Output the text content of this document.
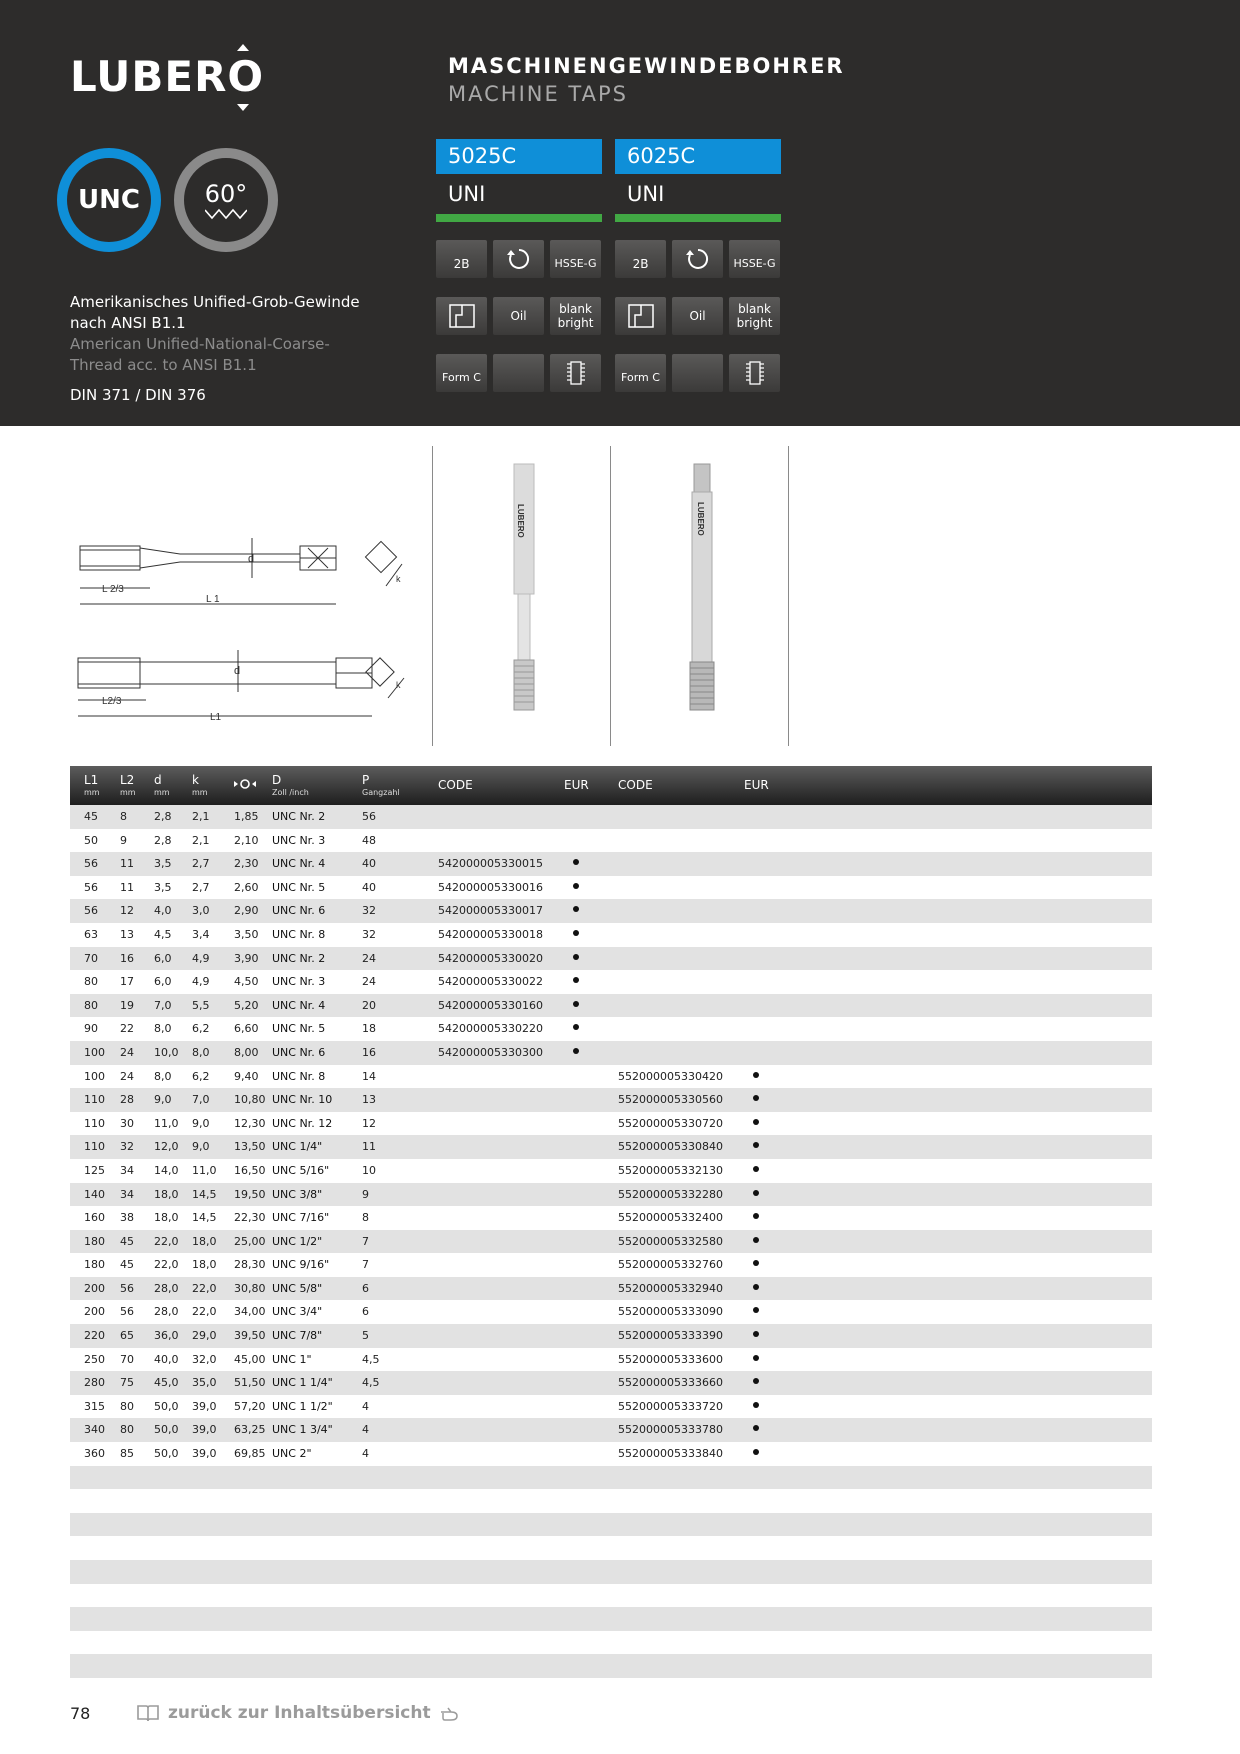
LUBERO
UNC	60°
Amerikanisches Unified-Grob-Gewinde nach ANSI B1.1
American Unified-National-Coarse-Thread acc. to ANSI B1.1
DIN 371 / DIN 376
MASCHINENGEWINDEBOHRER
MACHINE TAPS
5025C
UNI
2B	HSSE-G
Oil	blank bright
Form C
6025C
UNI
2B	HSSE-G
Oil	blank bright
Form C
L 2/3
L 1
d
k
L2/3
L1
d
k
LUBERO	LUBERO
L1
mm
L2
mm
d
mm
k
mm
D
Zoll /inch
P
Gangzahl
CODE	EUR CODE	EUR
45 8 2,8 2,1 1,85 UNC Nr. 2	56
50 9 2,8 2,1 2,10 UNC Nr. 3	48
56 11 3,5 2,7 2,30 UNC Nr. 4	40	542000005330015
56 11 3,5 2,7 2,60 UNC Nr. 5	40	542000005330016
56 12 4,0 3,0 2,90 UNC Nr. 6	32	542000005330017
63 13 4,5 3,4 3,50 UNC Nr. 8	32	542000005330018
70 16 6,0 4,9 3,90 UNC Nr. 2	24	542000005330020
80 17 6,0 4,9 4,50 UNC Nr. 3	24	542000005330022
80 19 7,0 5,5 5,20 UNC Nr. 4	20	542000005330160
90 22 8,0 6,2 6,60 UNC Nr. 5	18	542000005330220
100 24 10,0 8,0 8,00 UNC Nr. 6	16	542000005330300
100 24 8,0 6,2 9,40 UNC Nr. 8	14	552000005330420
110 28 9,0 7,0 10,80 UNC Nr. 10	13	552000005330560
110 30 11,0 9,0 12,30 UNC Nr. 12	12	552000005330720
110 32 12,0 9,0 13,50 UNC 1/4"	11	552000005330840
125 34 14,0 11,0 16,50 UNC 5/16"	10	552000005332130
140 34 18,0 14,5 19,50 UNC 3/8"	9	552000005332280
160 38 18,0 14,5 22,30 UNC 7/16"	8	552000005332400
180 45 22,0 18,0 25,00 UNC 1/2"	7	552000005332580
180 45 22,0 18,0 28,30 UNC 9/16"	7	552000005332760
200 56 28,0 22,0 30,80 UNC 5/8"	6	552000005332940
200 56 28,0 22,0 34,00 UNC 3/4"	6	552000005333090
220 65 36,0 29,0 39,50 UNC 7/8"	5	552000005333390
250 70 40,0 32,0 45,00 UNC 1"	4,5	552000005333600
280 75 45,0 35,0 51,50 UNC 1 1/4"	4,5	552000005333660
315 80 50,0 39,0 57,20 UNC 1 1/2"	4	552000005333720
340 80 50,0 39,0 63,25 UNC 1 3/4"	4	552000005333780
360 85 50,0 39,0 69,85 UNC 2"	4	552000005333840
78	zurück zur Inhaltsübersicht
